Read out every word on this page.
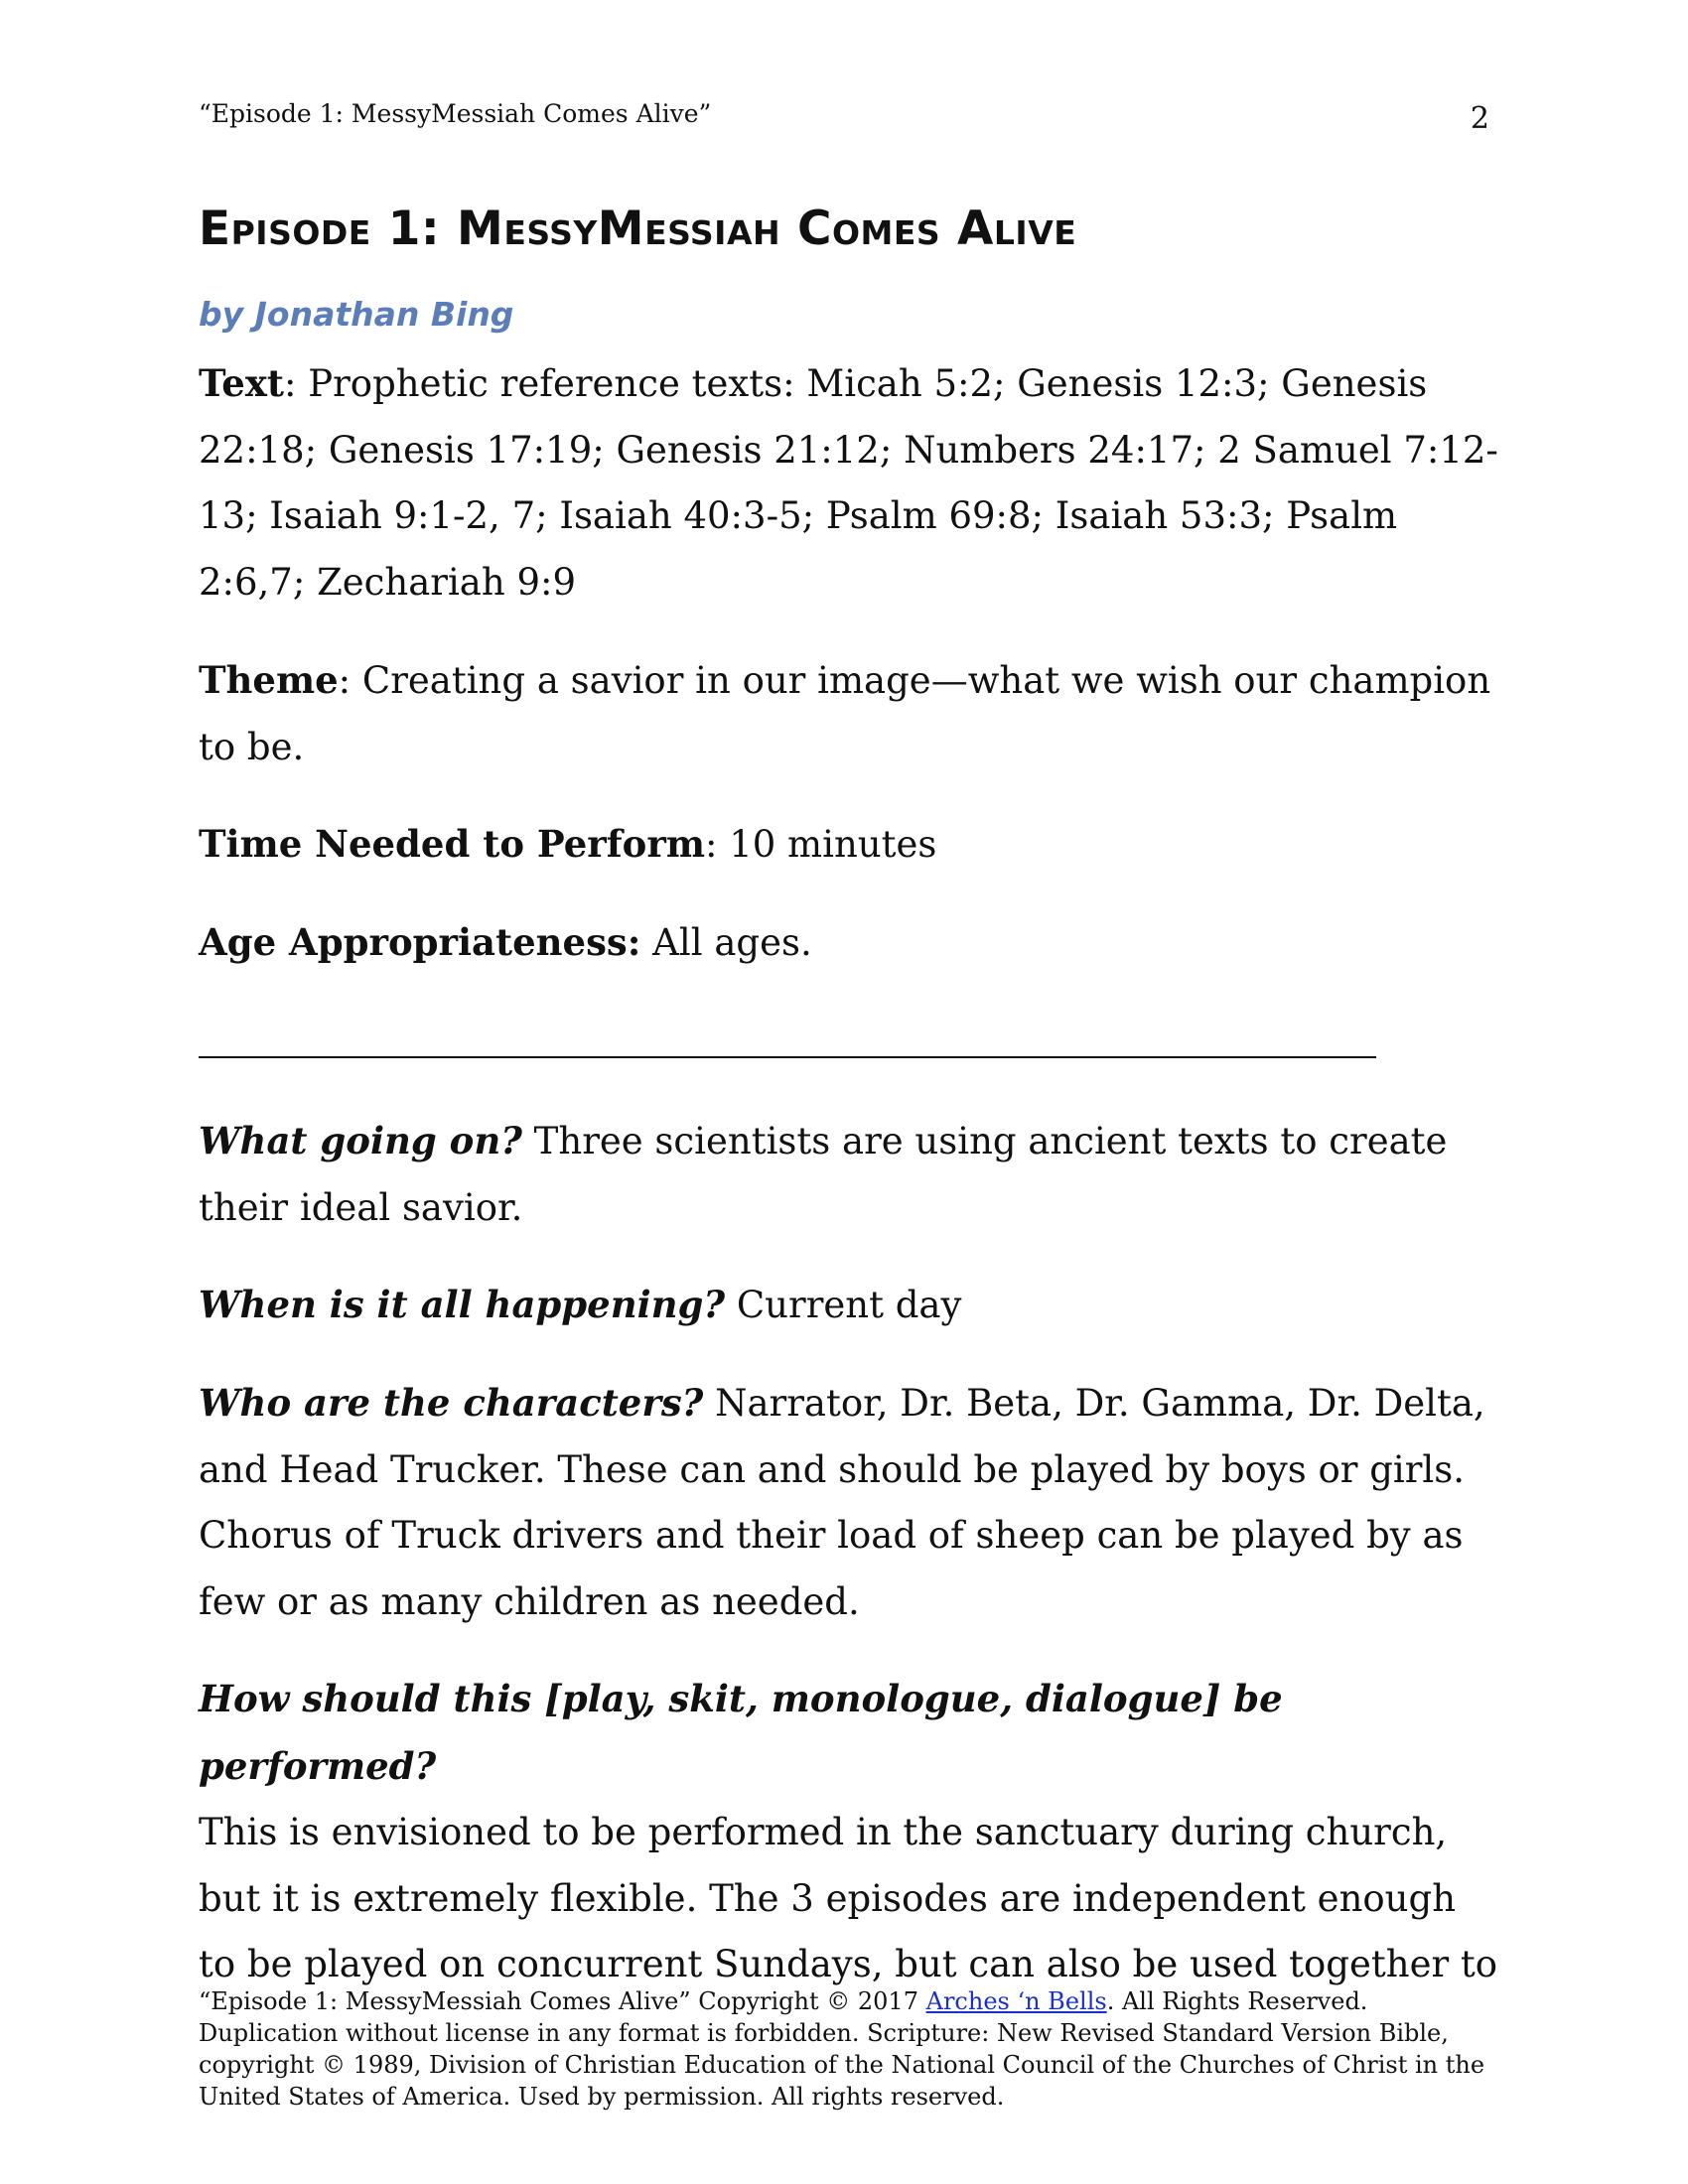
“Episode 1: MessyMessiah Comes Alive”	2
Episode 1: MessyMessiah Comes Alive
by Jonathan Bing

Text: Prophetic reference texts: Micah 5:2; Genesis 12:3; Genesis 22:18; Genesis 17:19; Genesis 21:12; Numbers 24:17; 2 Samuel 7:12-13; Isaiah 9:1-2, 7; Isaiah 40:3-5; Psalm 69:8; Isaiah 53:3; Psalm 2:6,7; Zechariah 9:9

Theme: Creating a savior in our image—what we wish our champion to be.

Time Needed to Perform: 10 minutes

Age Appropriateness: All ages.

What going on? Three scientists are using ancient texts to create their ideal savior.

When is it all happening? Current day

Who are the characters? Narrator, Dr. Beta, Dr. Gamma, Dr. Delta, and Head Trucker. These can and should be played by boys or girls. Chorus of Truck drivers and their load of sheep can be played by as few or as many children as needed.

How should this [play, skit, monologue, dialogue] be performed?
This is envisioned to be performed in the sanctuary during church, but it is extremely flexible. The 3 episodes are independent enough to be played on concurrent Sundays, but can also be used together to

“Episode 1: MessyMessiah Comes Alive” Copyright © 2017 Arches ‘n Bells. All Rights Reserved. Duplication without license in any format is forbidden. Scripture: New Revised Standard Version Bible, copyright © 1989, Division of Christian Education of the National Council of the Churches of Christ in the United States of America. Used by permission. All rights reserved.
